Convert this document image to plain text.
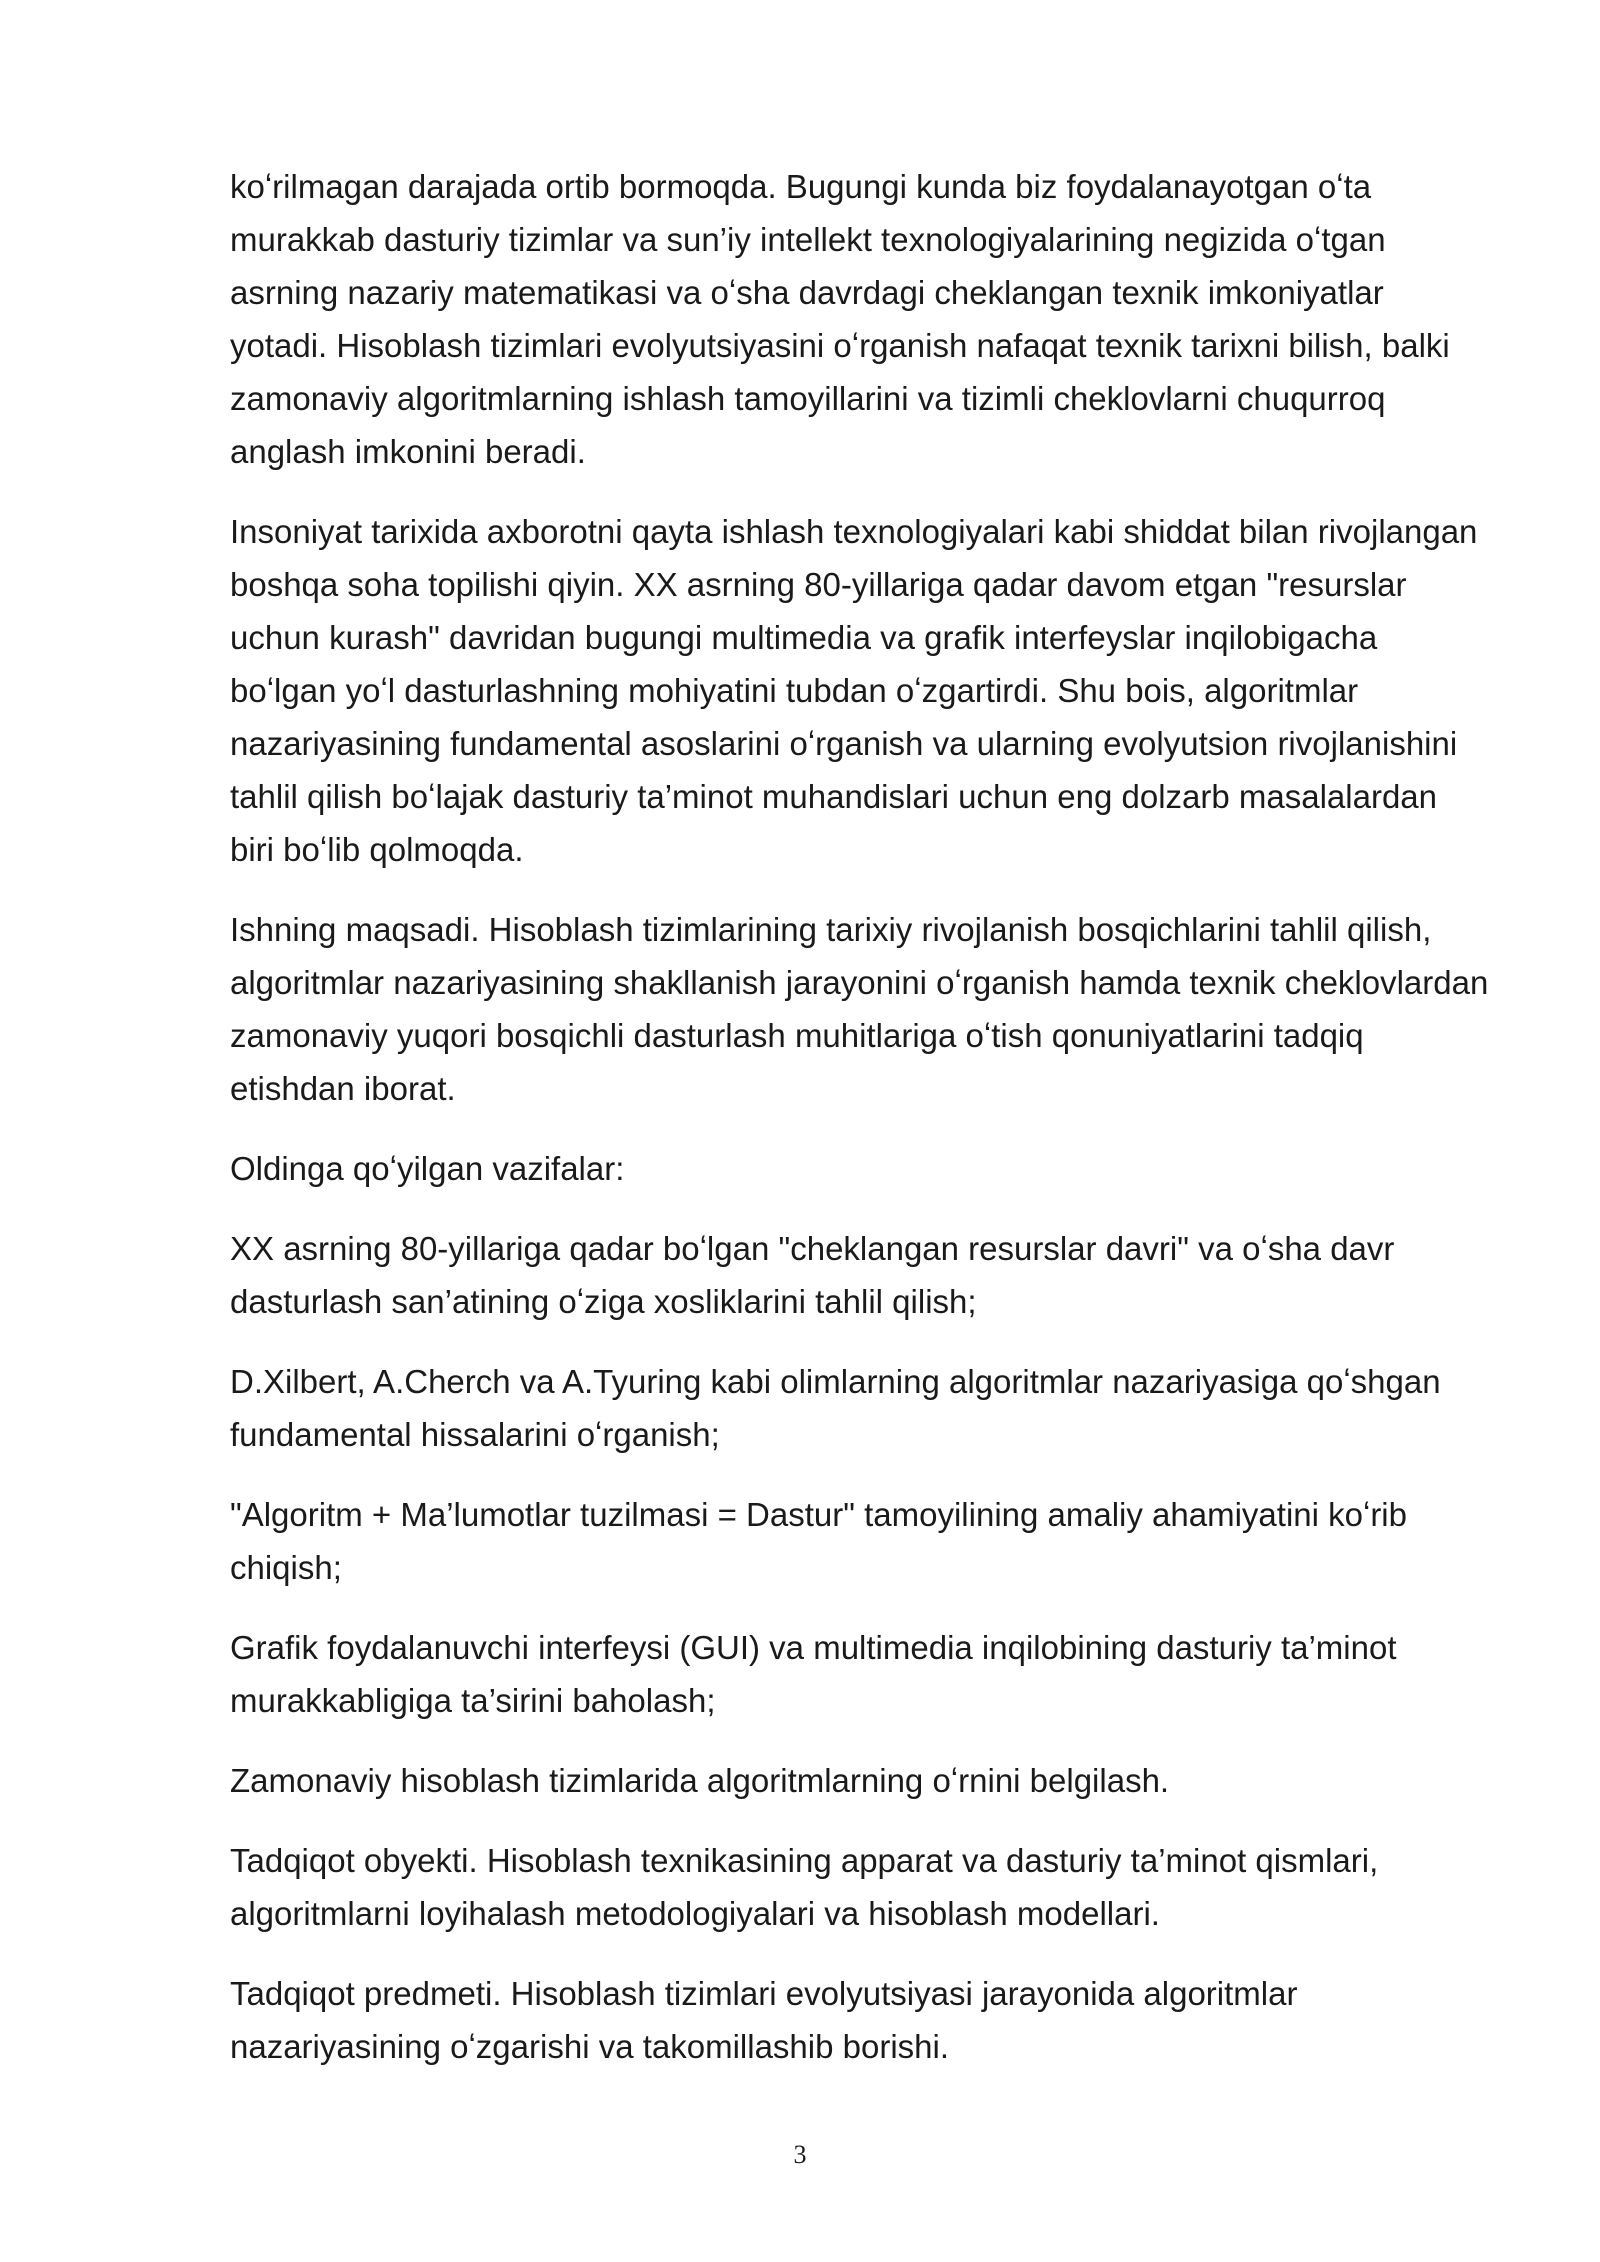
koʻrilmagan darajada ortib bormoqda. Bugungi kunda biz foydalanayotgan oʻta murakkab dasturiy tizimlar va sun’iy intellekt texnologiyalarining negizida oʻtgan asrning nazariy matematikasi va oʻsha davrdagi cheklangan texnik imkoniyatlar yotadi. Hisoblash tizimlari evolyutsiyasini oʻrganish nafaqat texnik tarixni bilish, balki zamonaviy algoritmlarning ishlash tamoyillarini va tizimli cheklovlarni chuqurroq anglash imkonini beradi.

Insoniyat tarixida axborotni qayta ishlash texnologiyalari kabi shiddat bilan rivojlangan boshqa soha topilishi qiyin. XX asrning 80-yillariga qadar davom etgan "resurslar uchun kurash" davridan bugungi multimedia va grafik interfeyslar inqilobigacha boʻlgan yoʻl dasturlashning mohiyatini tubdan oʻzgartirdi. Shu bois, algoritmlar nazariyasining fundamental asoslarini oʻrganish va ularning evolyutsion rivojlanishini tahlil qilish boʻlajak dasturiy ta’minot muhandislari uchun eng dolzarb masalalardan biri boʻlib qolmoqda.

Ishning maqsadi. Hisoblash tizimlarining tarixiy rivojlanish bosqichlarini tahlil qilish, algoritmlar nazariyasining shakllanish jarayonini oʻrganish hamda texnik cheklovlardan zamonaviy yuqori bosqichli dasturlash muhitlariga oʻtish qonuniyatlarini tadqiq etishdan iborat.

Oldinga qoʻyilgan vazifalar:

XX asrning 80-yillariga qadar boʻlgan "cheklangan resurslar davri" va oʻsha davr dasturlash san’atining oʻziga xosliklarini tahlil qilish;

D.Xilbert, A.Cherch va A.Tyuring kabi olimlarning algoritmlar nazariyasiga qoʻshgan fundamental hissalarini oʻrganish;

"Algoritm + Ma’lumotlar tuzilmasi = Dastur" tamoyilining amaliy ahamiyatini koʻrib chiqish;

Grafik foydalanuvchi interfeysi (GUI) va multimedia inqilobining dasturiy ta’minot murakkabligiga ta’sirini baholash;

Zamonaviy hisoblash tizimlarida algoritmlarning oʻrnini belgilash.

Tadqiqot obyekti. Hisoblash texnikasining apparat va dasturiy ta’minot qismlari, algoritmlarni loyihalash metodologiyalari va hisoblash modellari.

Tadqiqot predmeti. Hisoblash tizimlari evolyutsiyasi jarayonida algoritmlar nazariyasining oʻzgarishi va takomillashib borishi.

3
